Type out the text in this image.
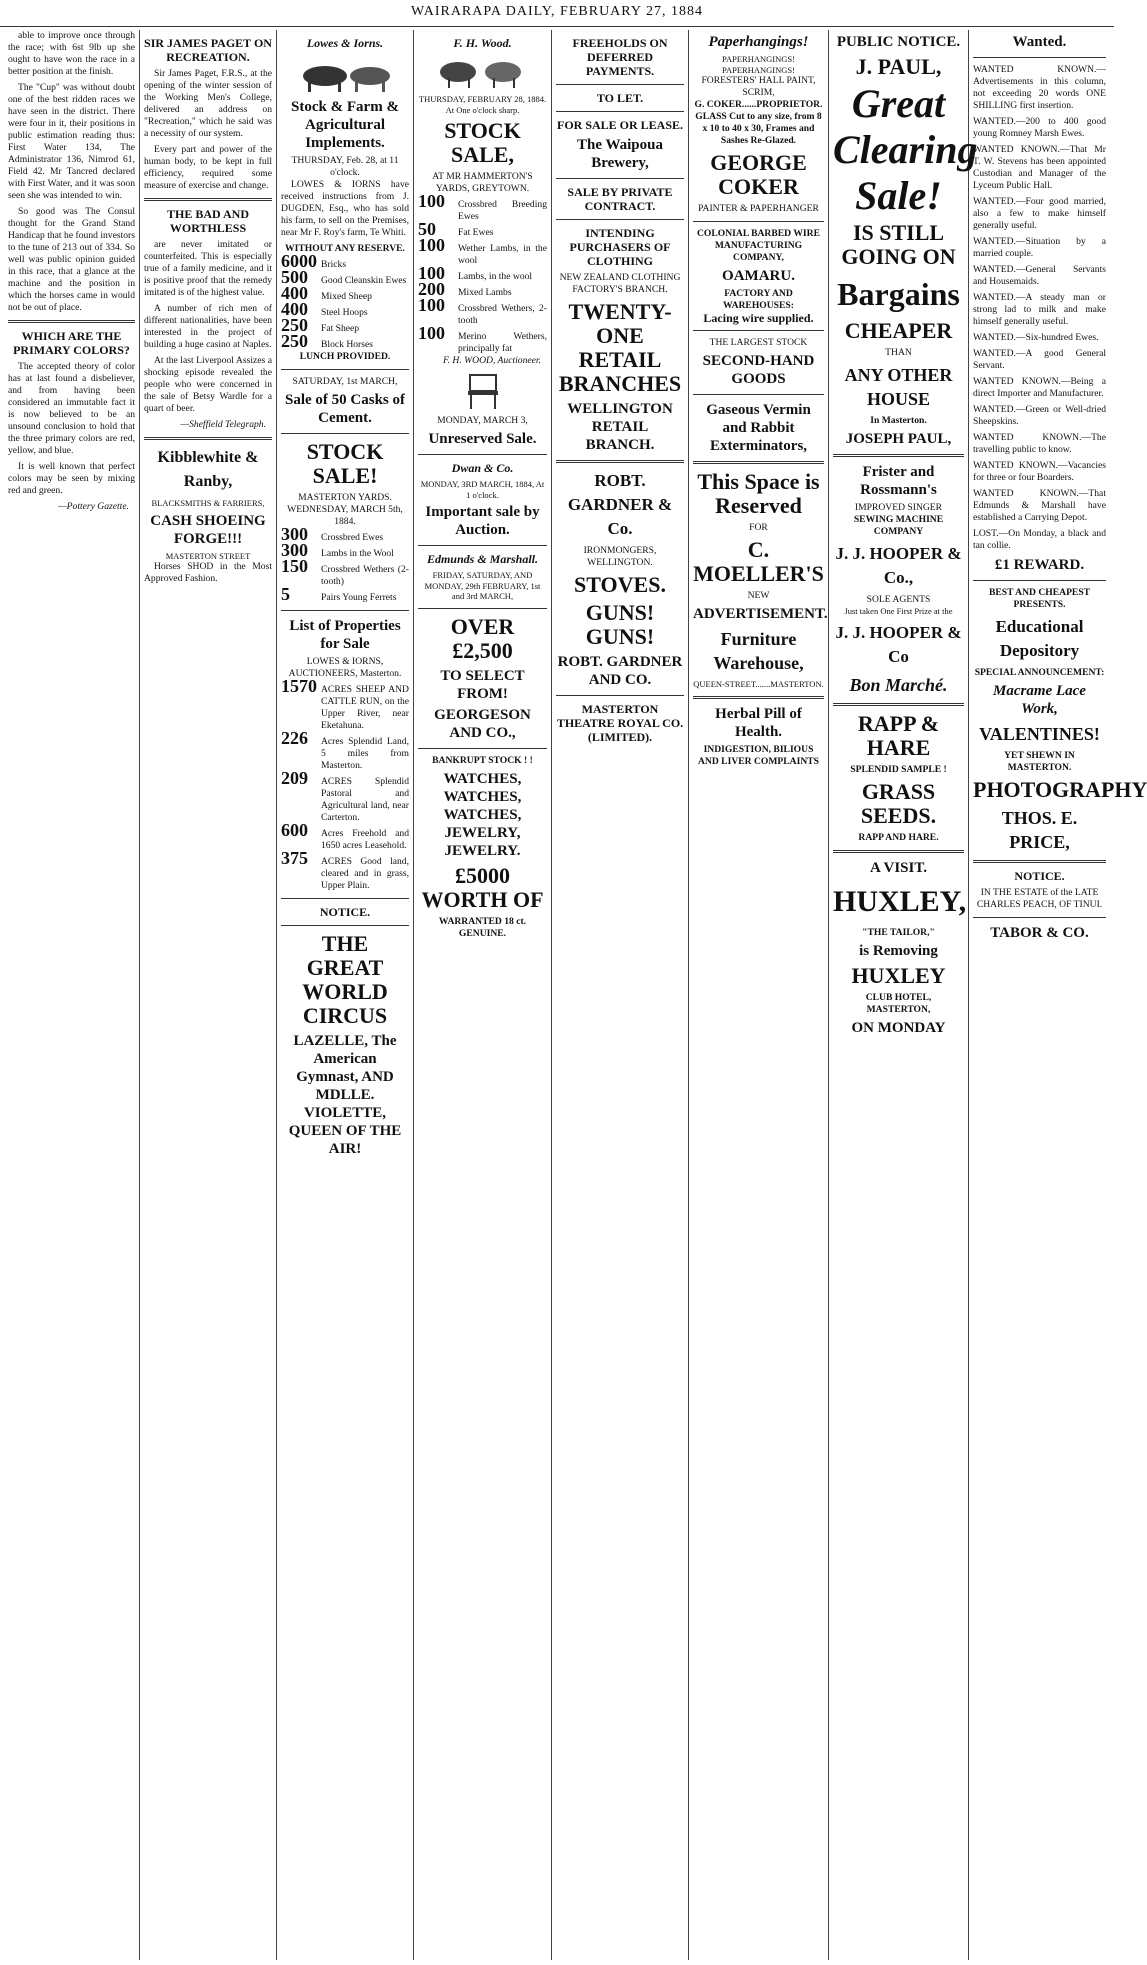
WAIRARAPA DAILY, FEBRUARY 27, 1884

able to improve once through the race; with 6st 9lb up she ought to have won the race in a better position at the finish.

The "Cup" was without doubt one of the best ridden races we have seen in the district. There were four in it, their positions in public estimation reading thus: First Water 134, The Administrator 136, Nimrod 61, Field 42. Mr Tancred declared with First Water, and it was soon seen she was intended to win.

So good was The Consul thought for the Grand Stand Handicap that he found investors to the tune of 213 out of 334. So well was public opinion guided in this race, that a glance at the machine and the position in which the horses came in would not be out of place.

WHICH ARE THE PRIMARY COLORS?

The accepted theory of color has at last found a disbeliever, and from having been considered an immutable fact it is now believed to be an unsound conclusion to hold that the three primary colors are red, yellow, and blue.

It is well known that perfect colors may be seen by mixing red and green.

—Pottery Gazette.
SIR JAMES PAGET ON RECREATION.

Sir James Paget, F.R.S., at the opening of the winter session of the Working Men's College, delivered an address on "Recreation," which he said was a necessity of our system.

Every part and power of the human body, to be kept in full efficiency, required some measure of exercise and change.

THE BAD AND WORTHLESS

are never imitated or counterfeited. This is especially true of a family medicine, and it is positive proof that the remedy imitated is of the highest value.

A number of rich men of different nationalities, have been interested in the project of building a huge casino at Naples.

At the last Liverpool Assizes a shocking episode revealed the people who were concerned in the sale of Betsy Wardle for a quart of beer.

—Sheffield Telegraph.
Kibblewhite & Ranby,
BLACKSMITHS & FARRIERS,
CASH SHOEING FORGE!!!
MASTERTON STREET

Horses SHOD in the Most Approved Fashion.

Lowes & Iorns.
Stock & Farm & Agricultural Implements.
THURSDAY, Feb. 28, at 11 o'clock.

LOWES & IORNS have received instructions from J. DUGDEN, Esq., who has sold his farm, to sell on the Premises, near Mr F. Roy's farm, Te Whiti.

WITHOUT ANY RESERVE.
6000 Bricks
500	Good Cleanskin Ewes
400	Mixed Sheep
400	Steel Hoops
250	Fat Sheep
250	Block Horses
LUNCH PROVIDED.
SATURDAY, 1st MARCH,
Sale of 50 Casks of Cement.
STOCK SALE!
MASTERTON YARDS. WEDNESDAY, MARCH 5th, 1884.
300	Crossbred Ewes
300	Lambs in the Wool
150	Crossbred Wethers (2-tooth)
5	Pairs Young Ferrets
List of Properties for Sale
LOWES & IORNS, AUCTIONEERS, Masterton.
1570 ACRES SHEEP AND CATTLE RUN, on the Upper River, near Eketahuna.
226	Acres Splendid Land, 5 miles from Masterton.
209	ACRES Splendid Pastoral and Agricultural land, near Carterton.
600	Acres Freehold and 1650 acres Leasehold.
375	ACRES Good land, cleared and in grass, Upper Plain.
NOTICE.
THE GREAT WORLD CIRCUS
LAZELLE, The American Gymnast, AND MDLLE. VIOLETTE, QUEEN OF THE AIR!
F. H. Wood.
THURSDAY, FEBRUARY 28, 1884. At One o'clock sharp.
STOCK SALE,
AT MR HAMMERTON'S YARDS, GREYTOWN.
100	Crossbred Breeding Ewes
50	Fat Ewes
100	Wether Lambs, in the wool
100	Lambs, in the wool
200	Mixed Lambs
100	Crossbred Wethers, 2-tooth
100	Merino Wethers, principally fat
F. H. WOOD, Auctioneer.
MONDAY, MARCH 3,
Unreserved Sale.
Dwan & Co.
MONDAY, 3RD MARCH, 1884, At 1 o'clock.
Important sale by Auction.
Edmunds & Marshall.
FRIDAY, SATURDAY, AND MONDAY, 29th FEBRUARY, 1st and 3rd MARCH,
OVER £2,500
TO SELECT FROM!
GEORGESON AND CO.,
BANKRUPT STOCK ! !
WATCHES, WATCHES, WATCHES, JEWELRY, JEWELRY.
£5000 WORTH OF
WARRANTED 18 ct. GENUINE.
FREEHOLDS ON DEFERRED PAYMENTS.
TO LET.
FOR SALE OR LEASE.
The Waipoua Brewery,
SALE BY PRIVATE CONTRACT.
INTENDING PURCHASERS OF CLOTHING
NEW ZEALAND CLOTHING FACTORY'S BRANCH.
TWENTY-ONE RETAIL BRANCHES
WELLINGTON RETAIL BRANCH.
ROBT. GARDNER & Co.
IRONMONGERS, WELLINGTON.
STOVES.
GUNS! GUNS!
ROBT. GARDNER AND CO.
MASTERTON THEATRE ROYAL CO. (LIMITED).
Paperhangings!
PAPERHANGINGS! PAPERHANGINGS!
FORESTERS' HALL PAINT, SCRIM,
G. COKER......PROPRIETOR.
GLASS Cut to any size, from 8 x 10 to 40 x 30, Frames and Sashes Re-Glazed.
GEORGE COKER
PAINTER & PAPERHANGER
COLONIAL BARBED WIRE MANUFACTURING COMPANY,
OAMARU.
FACTORY AND WAREHOUSES:
Lacing wire supplied.
THE LARGEST STOCK
SECOND-HAND GOODS
Gaseous Vermin and Rabbit Exterminators,
This Space is Reserved
FOR
C. MOELLER'S
NEW
ADVERTISEMENT.
Furniture Warehouse,
QUEEN-STREET.......MASTERTON.
Herbal Pill of Health.
INDIGESTION, BILIOUS AND LIVER COMPLAINTS
PUBLIC NOTICE.
J. PAUL,
Great
Clearing
Sale!
IS STILL GOING ON
Bargains
CHEAPER
THAN
ANY OTHER HOUSE
In Masterton.
JOSEPH PAUL,
Frister and Rossmann's
IMPROVED SINGER
SEWING MACHINE COMPANY
J. J. HOOPER & Co.,
SOLE AGENTS
Just taken One First Prize at the
J. J. HOOPER & Co
Bon Marché.
RAPP & HARE
SPLENDID SAMPLE !
GRASS SEEDS.
RAPP AND HARE.
A VISIT.
HUXLEY,
"THE TAILOR,"
is Removing
HUXLEY
CLUB HOTEL, MASTERTON,
ON MONDAY
Wanted.

WANTED KNOWN.—Advertisements in this column, not exceeding 20 words ONE SHILLING first insertion.

WANTED.—200 to 400 good young Romney Marsh Ewes.

WANTED KNOWN.—That Mr T. W. Stevens has been appointed Custodian and Manager of the Lyceum Public Hall.

WANTED.—Four good married, also a few to make himself generally useful.

WANTED.—Situation by a married couple.

WANTED.—General Servants and Housemaids.

WANTED.—A steady man or strong lad to milk and make himself generally useful.

WANTED.—Six-hundred Ewes.

WANTED.—A good General Servant.

WANTED KNOWN.—Being a direct Importer and Manufacturer.

WANTED.—Green or Well-dried Sheepskins.

WANTED KNOWN.—The travelling public to know.

WANTED KNOWN.—Vacancies for three or four Boarders.

WANTED KNOWN.—That Edmunds & Marshall have established a Carrying Depot.

LOST.—On Monday, a black and tan collie.

£1 REWARD.
BEST AND CHEAPEST PRESENTS.
Educational Depository
SPECIAL ANNOUNCEMENT:
Macrame Lace Work,
VALENTINES!
YET SHEWN IN MASTERTON.
PHOTOGRAPHY
THOS. E. PRICE,
NOTICE.
IN THE ESTATE of the LATE CHARLES PEACH, OF TINUI.
TABOR & CO.
